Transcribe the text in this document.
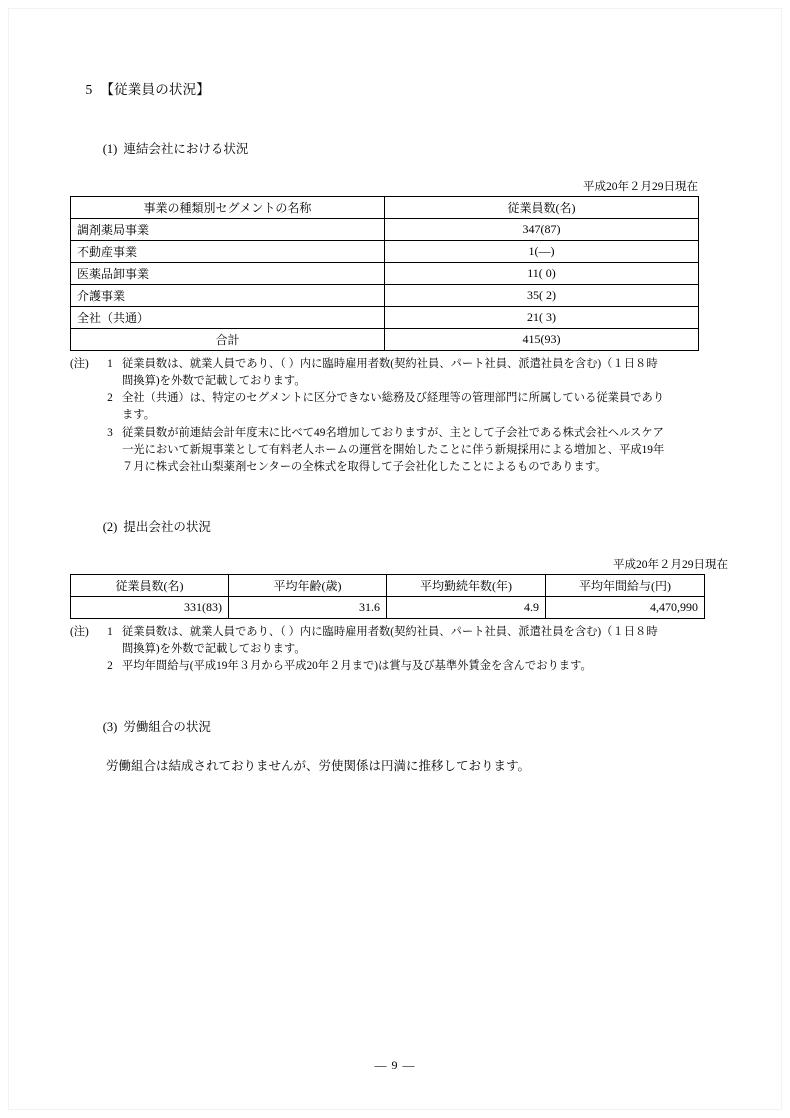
5 【従業員の状況】

(1) 連結会社における状況

平成20年２月29日現在
事業の種類別セグメントの名称	従業員数(名)
調剤薬局事業	347(87)
不動産事業	1(―)
医薬品卸事業	11( 0)
介護事業	35( 2)
全社（共通）	21( 3)
合計	415(93)
(注)	1 従業員数は、就業人員であり、（ ）内に臨時雇用者数(契約社員、パート社員、派遣社員を含む)（１日８時

間換算)を外数で記載しております。

2 全社（共通）は、特定のセグメントに区分できない総務及び経理等の管理部門に所属している従業員であり

ます。

3 従業員数が前連結会計年度末に比べて49名増加しておりますが、主として子会社である株式会社ヘルスケア

一光において新規事業として有料老人ホームの運営を開始したことに伴う新規採用による増加と、平成19年

７月に株式会社山梨薬剤センターの全株式を取得して子会社化したことによるものであります。

(2) 提出会社の状況

平成20年２月29日現在
従業員数(名)	平均年齢(歳)	平均勤続年数(年)	平均年間給与(円)
331(83)	31.6	4.9	4,470,990
(注)	1 従業員数は、就業人員であり、（ ）内に臨時雇用者数(契約社員、パート社員、派遣社員を含む)（１日８時

間換算)を外数で記載しております。

2 平均年間給与(平成19年３月から平成20年２月まで)は賞与及び基準外賃金を含んでおります。

(3) 労働組合の状況

労働組合は結成されておりませんが、労使関係は円満に推移しております。
― 9 ―
